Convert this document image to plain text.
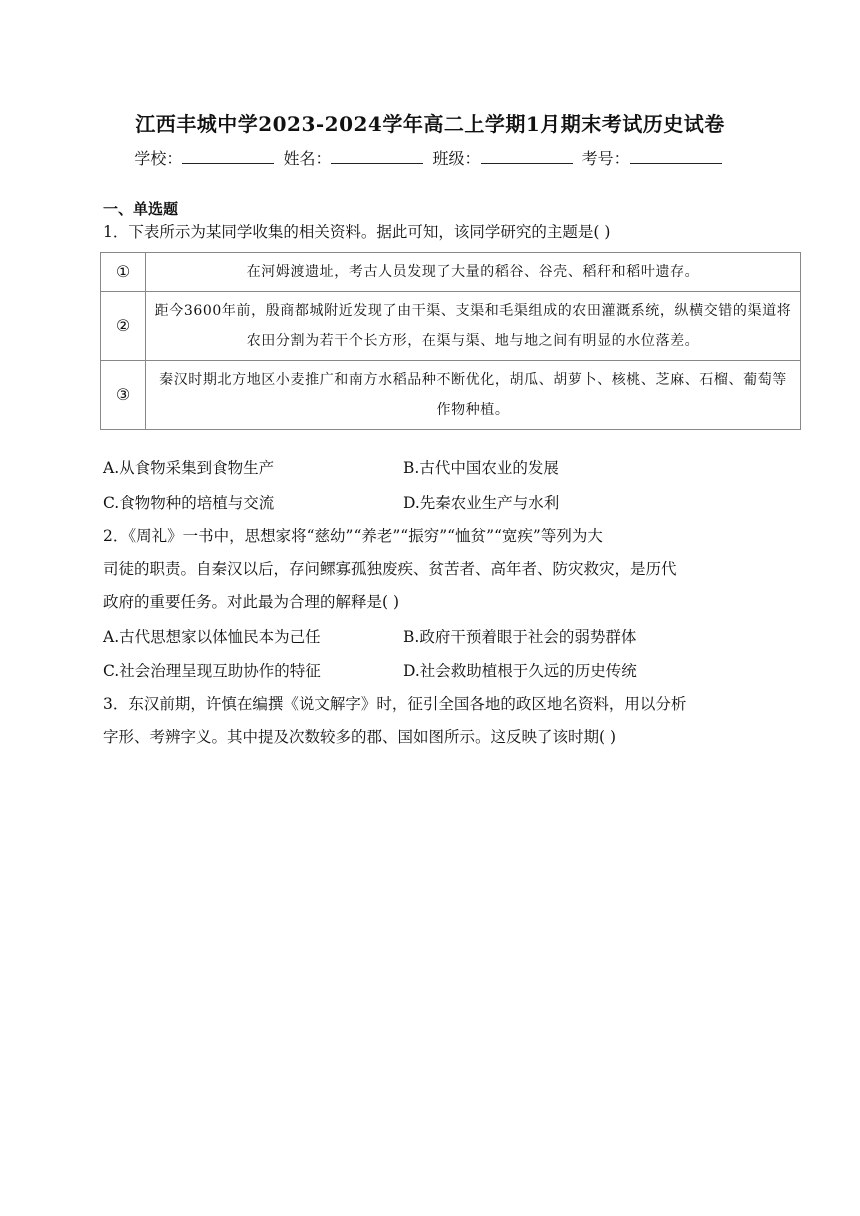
江西丰城中学2023-2024学年高二上学期1月期末考试历史试卷
学校：	姓名：	班级：	考号：
一、单选题
1．下表所示为某同学收集的相关资料。据此可知，该同学研究的主题是( )
①	在河姆渡遗址，考古人员发现了大量的稻谷、谷壳、稻秆和稻叶遗存。
②	距今3600年前，殷商都城附近发现了由干渠、支渠和毛渠组成的农田灌溉系统，纵横交错的渠道将农田分割为若干个长方形，在渠与渠、地与地之间有明显的水位落差。
③	秦汉时期北方地区小麦推广和南方水稻品种不断优化，胡瓜、胡萝卜、核桃、芝麻、石榴、葡萄等作物种植。
A.从食物采集到食物生产	B.古代中国农业的发展
C.食物物种的培植与交流	D.先秦农业生产与水利
2．《周礼》一书中，思想家将“慈幼”“养老”“振穷”“恤贫”“宽疾”等列为大
司徒的职责。自秦汉以后，存问鳏寡孤独废疾、贫苦者、高年者、防灾救灾，是历代
政府的重要任务。对此最为合理的解释是( )
A.古代思想家以体恤民本为己任	B.政府干预着眼于社会的弱势群体
C.社会治理呈现互助协作的特征	D.社会救助植根于久远的历史传统
3．东汉前期，许慎在编撰《说文解字》时，征引全国各地的政区地名资料，用以分析
字形、考辨字义。其中提及次数较多的郡、国如图所示。这反映了该时期( )
